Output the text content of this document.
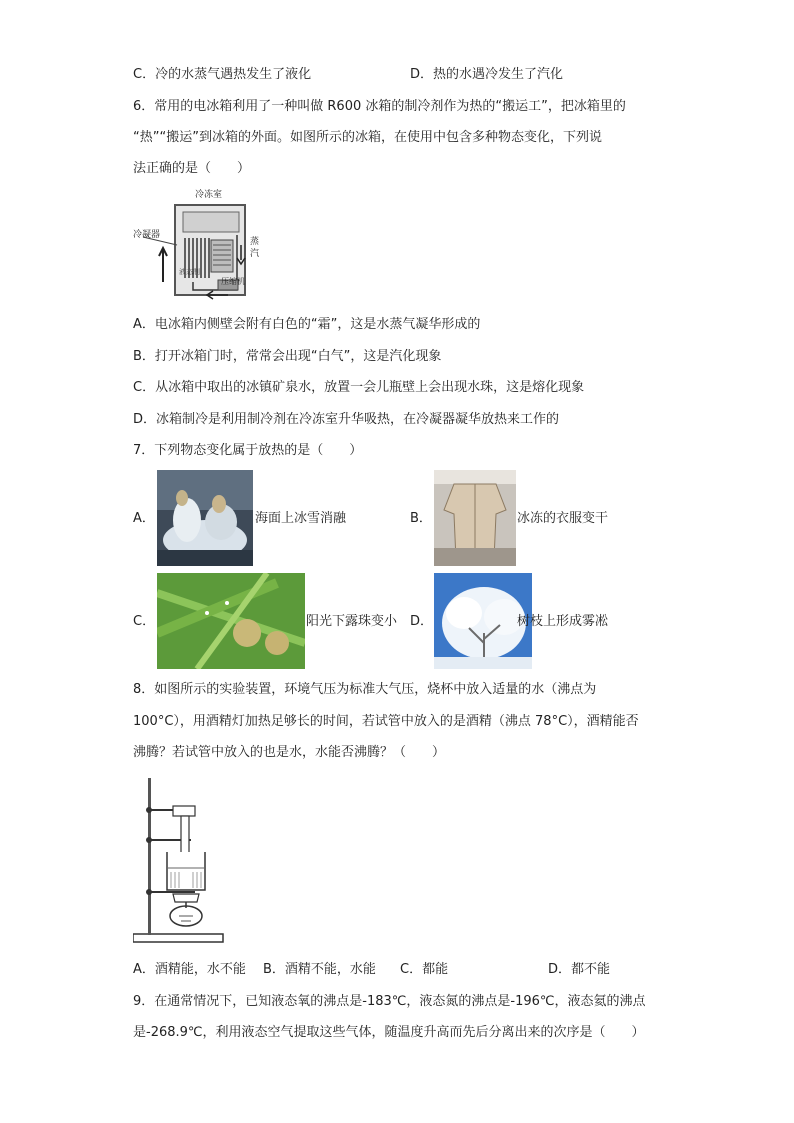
C．冷的水蒸气遇热发生了液化	D．热的水遇冷发生了汽化
6．常用的电冰箱利用了一种叫做 R600 冰箱的制冷剂作为热的“搬运工”，把冰箱里的
“热”“搬运”到冰箱的外面。如图所示的冰箱，在使用中包含多种物态变化，下列说
法正确的是（　　）
冷冻室
冷凝器
蒸
汽
液态制
压缩机
A．电冰箱内侧壁会附有白色的“霜”，这是水蒸气凝华形成的
B．打开冰箱门时，常常会出现“白气”，这是汽化现象
C．从冰箱中取出的冰镇矿泉水，放置一会儿瓶壁上会出现水珠，这是熔化现象
D．冰箱制冷是利用制冷剂在冷冻室升华吸热，在冷凝器凝华放热来工作的
7．下列物态变化属于放热的是（　　）
A．	海面上冰雪消融	B．	冰冻的衣服变干
C．	阳光下露珠变小 D．	树枝上形成雾凇
8．如图所示的实验装置，环境气压为标准大气压，烧杯中放入适量的水（沸点为
100°C），用酒精灯加热足够长的时间，若试管中放入的是酒精（沸点 78°C），酒精能否
沸腾？若试管中放入的也是水，水能否沸腾？（　　）
A．酒精能，水不能 B．酒精不能，水能 C．都能	D．都不能
9．在通常情况下，已知液态氧的沸点是-183℃，液态氮的沸点是-196℃，液态氦的沸点
是-268.9℃，利用液态空气提取这些气体，随温度升高而先后分离出来的次序是（　　）
